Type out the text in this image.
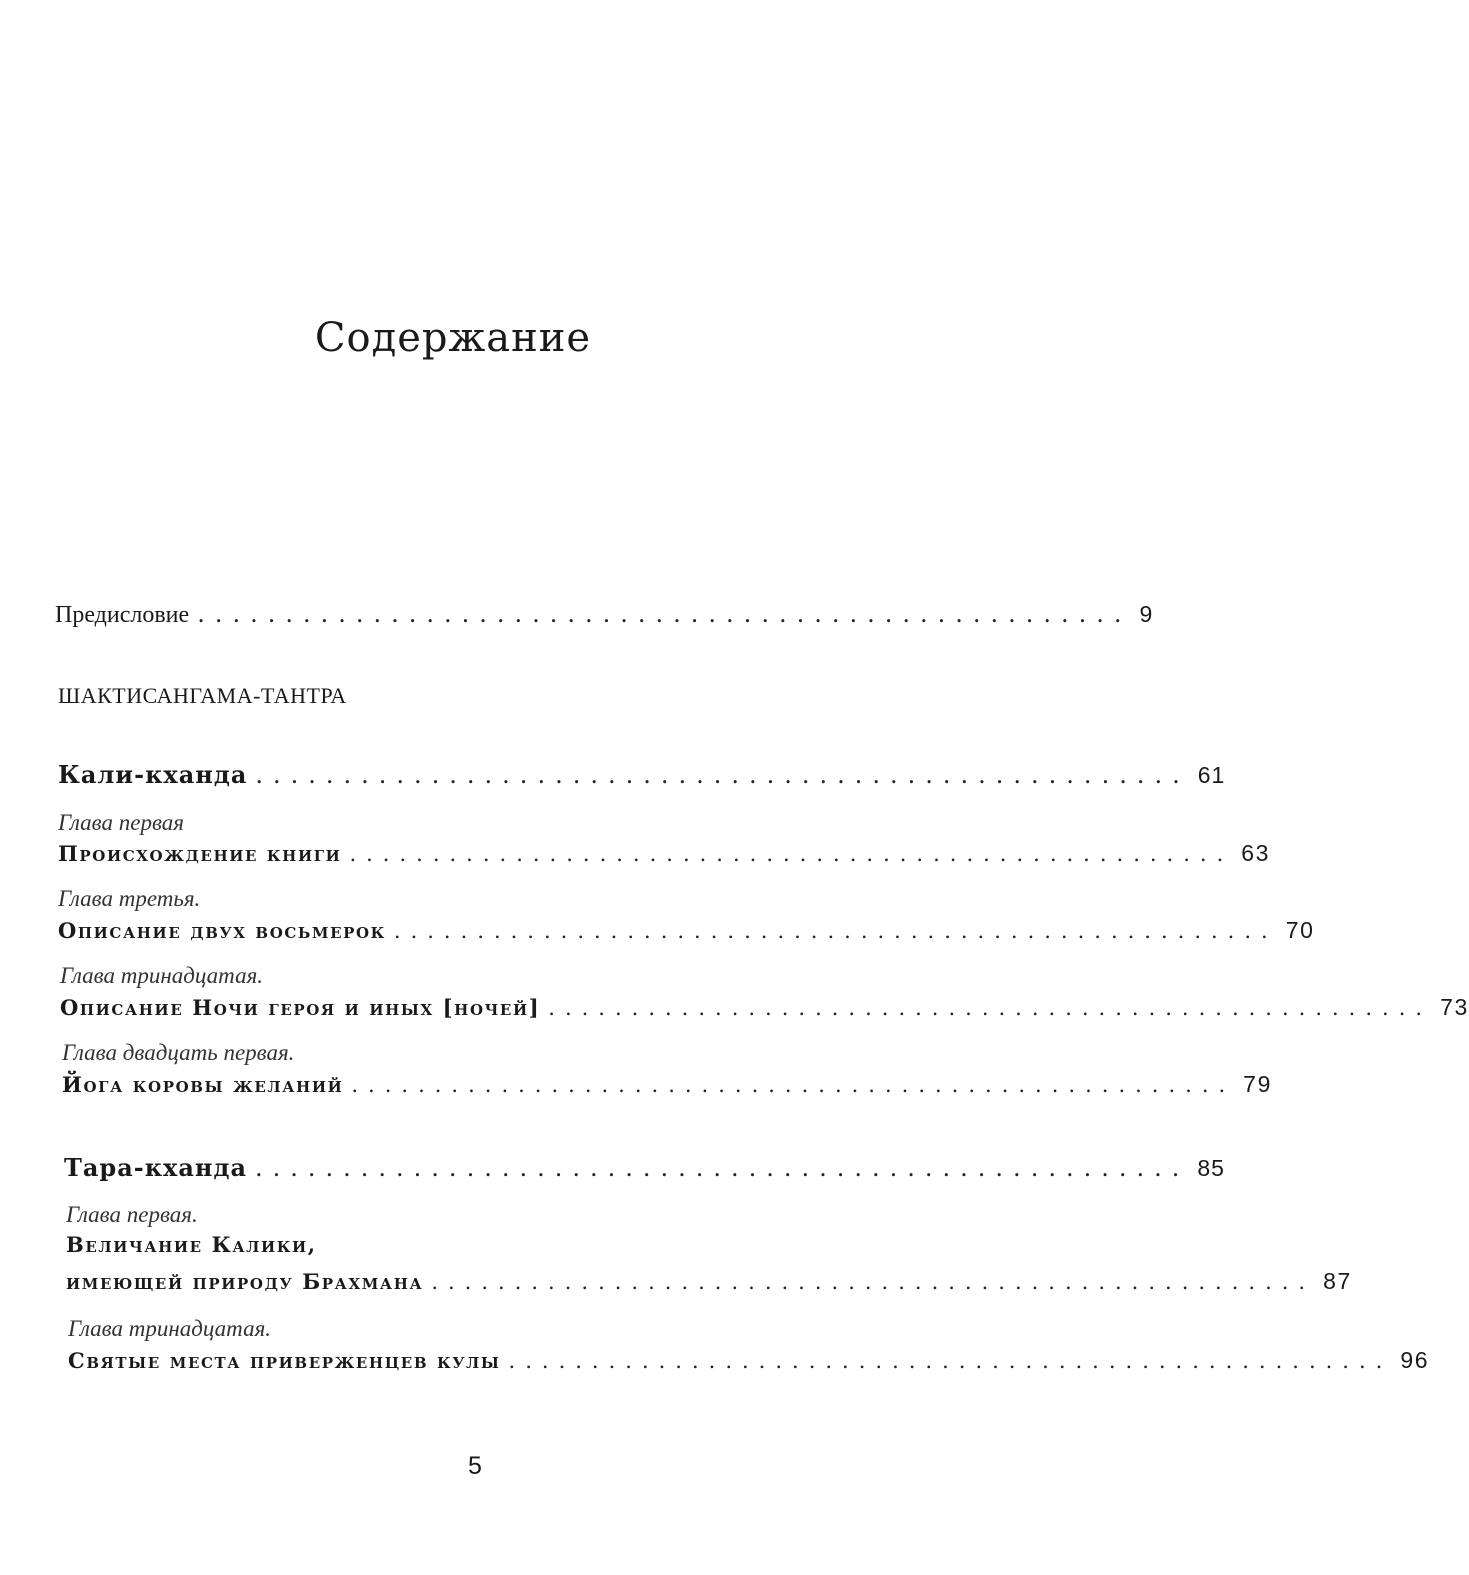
Содержание
Предисловие ..................................................... 9
ШАКТИСАНГАМА-ТАНТРА
Кали-кханда ..................................................... 61
Глава первая
Происхождение книги ..................................................... 63
Глава третья.
Описание двух восьмерок ..................................................... 70
Глава тринадцатая.
Описание Ночи героя и иных [ночей] ..................................................... 73
Глава двадцать первая.
Йога коровы желаний ..................................................... 79
Тара-кханда ..................................................... 85
Глава первая.
Величание Калики,
имеющей природу Брахмана ..................................................... 87
Глава тринадцатая.
Святые места приверженцев кулы ..................................................... 96
5
